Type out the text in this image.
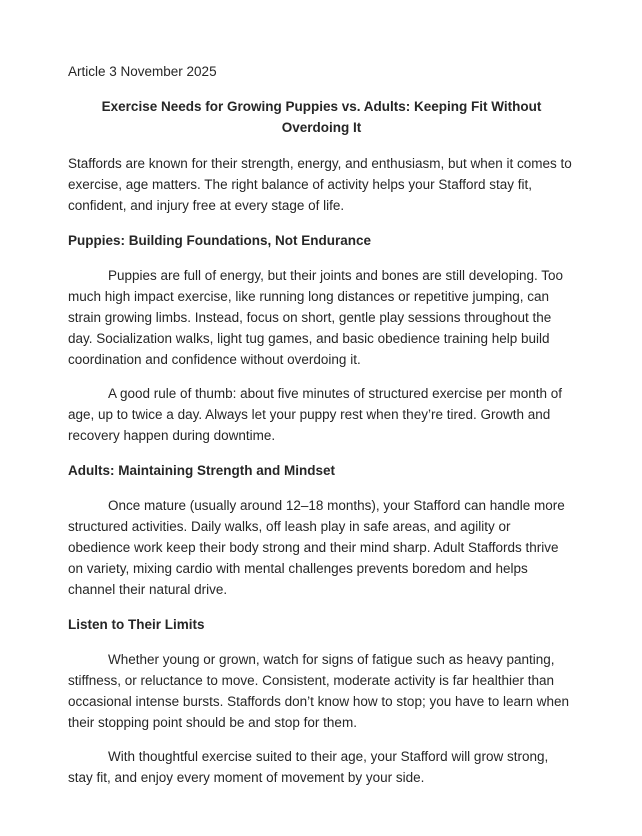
Article 3 November 2025
Exercise Needs for Growing Puppies vs. Adults: Keeping Fit Without Overdoing It
Staffords are known for their strength, energy, and enthusiasm, but when it comes to exercise, age matters. The right balance of activity helps your Stafford stay fit, confident, and injury free at every stage of life.
Puppies: Building Foundations, Not Endurance
Puppies are full of energy, but their joints and bones are still developing. Too much high impact exercise, like running long distances or repetitive jumping, can strain growing limbs. Instead, focus on short, gentle play sessions throughout the day. Socialization walks, light tug games, and basic obedience training help build coordination and confidence without overdoing it.
A good rule of thumb: about five minutes of structured exercise per month of age, up to twice a day. Always let your puppy rest when they’re tired. Growth and recovery happen during downtime.
Adults: Maintaining Strength and Mindset
Once mature (usually around 12–18 months), your Stafford can handle more structured activities. Daily walks, off leash play in safe areas, and agility or obedience work keep their body strong and their mind sharp. Adult Staffords thrive on variety, mixing cardio with mental challenges prevents boredom and helps channel their natural drive.
Listen to Their Limits
Whether young or grown, watch for signs of fatigue such as heavy panting, stiffness, or reluctance to move. Consistent, moderate activity is far healthier than occasional intense bursts. Staffords don’t know how to stop; you have to learn when their stopping point should be and stop for them.
With thoughtful exercise suited to their age, your Stafford will grow strong, stay fit, and enjoy every moment of movement by your side.
